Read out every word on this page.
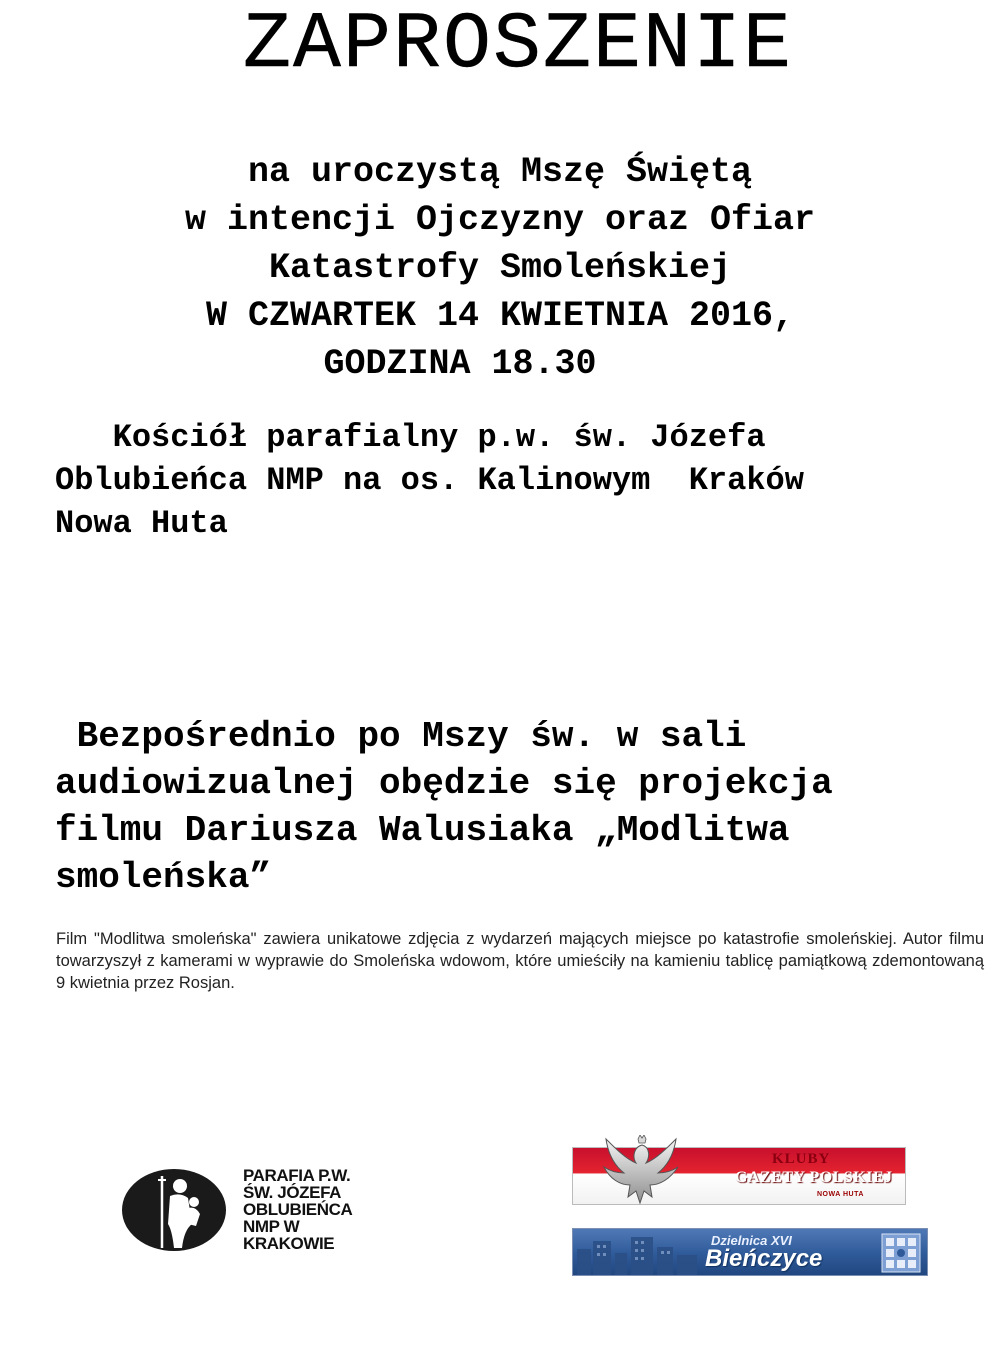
ZAPROSZENIE
na uroczystą Mszę Świętą
w intencji Ojczyzny oraz Ofiar
Katastrofy Smoleńskiej
W CZWARTEK 14 KWIETNIA 2016,
GODZINA 18.30
Kościół parafialny p.w. św. Józefa
Oblubieńca NMP na os. Kalinowym  Kraków
Nowa Huta
Bezpośrednio po Mszy św. w sali
audiowizualnej obędzie się projekcja
filmu Dariusza Walusiaka „Modlitwa
smoleńska”
Film "Modlitwa smoleńska" zawiera unikatowe zdjęcia z wydarzeń mających miejsce po katastrofie smoleńskiej. Autor filmu towarzyszył z kamerami w wyprawie do Smoleńska wdowom, które umieściły na kamieniu tablicę pamiątkową zdemontowaną 9 kwietnia przez Rosjan.
PARAFIA P.W.
ŚW. JÓZEFA
OBLUBIEŃCA
NMP W
KRAKOWIE
KLUBY
GAZETY POLSKIEJ
NOWA HUTA
Dzielnica XVI
Bieńczyce
